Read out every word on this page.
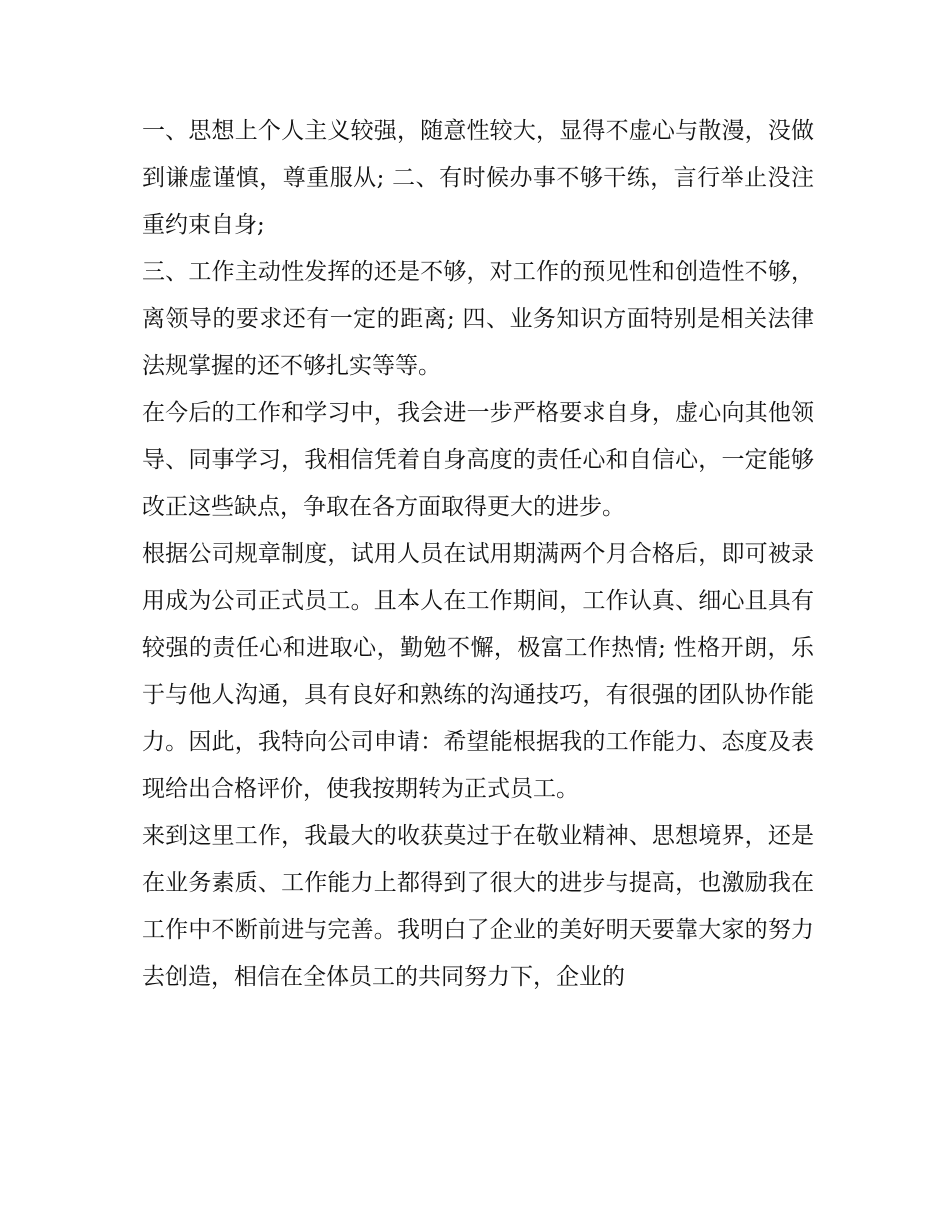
一、思想上个人主义较强，随意性较大，显得不虚心与散漫，没做到谦虚谨慎，尊重服从; 二、有时候办事不够干练，言行举止没注重约束自身;

三、工作主动性发挥的还是不够，对工作的预见性和创造性不够，离领导的要求还有一定的距离; 四、业务知识方面特别是相关法律法规掌握的还不够扎实等等。

在今后的工作和学习中，我会进一步严格要求自身，虚心向其他领导、同事学习，我相信凭着自身高度的责任心和自信心，一定能够改正这些缺点，争取在各方面取得更大的进步。

根据公司规章制度，试用人员在试用期满两个月合格后，即可被录用成为公司正式员工。且本人在工作期间，工作认真、细心且具有较强的责任心和进取心，勤勉不懈，极富工作热情; 性格开朗，乐于与他人沟通，具有良好和熟练的沟通技巧，有很强的团队协作能力。因此，我特向公司申请：希望能根据我的工作能力、态度及表现给出合格评价，使我按期转为正式员工。

来到这里工作，我最大的收获莫过于在敬业精神、思想境界，还是在业务素质、工作能力上都得到了很大的进步与提高，也激励我在工作中不断前进与完善。我明白了企业的美好明天要靠大家的努力去创造，相信在全体员工的共同努力下，企业的
